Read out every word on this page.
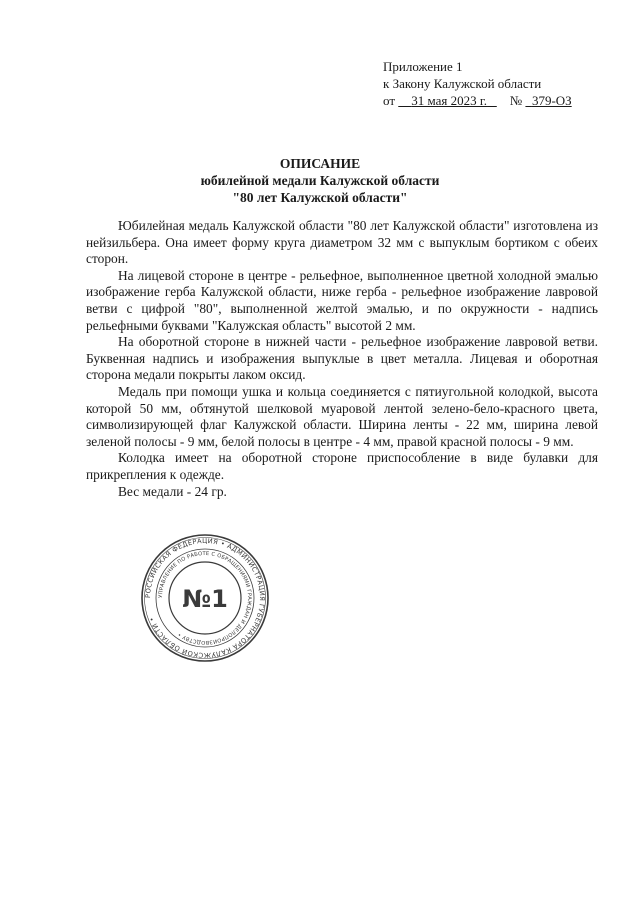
Приложение 1
к Закону Калужской области
от 31 мая 2023 г. № 379-ОЗ
ОПИСАНИЕ
юбилейной медали Калужской области
"80 лет Калужской области"

Юбилейная медаль Калужской области "80 лет Калужской области" изготовлена из нейзильбера. Она имеет форму круга диаметром 32 мм с выпуклым бортиком с обеих сторон.

На лицевой стороне в центре - рельефное, выполненное цветной холодной эмалью изображение герба Калужской области, ниже герба - рельефное изображение лавровой ветви с цифрой "80", выполненной желтой эмалью, и по окружности - надпись рельефными буквами "Калужская область" высотой 2 мм.

На оборотной стороне в нижней части - рельефное изображение лавровой ветви. Буквенная надпись и изображения выпуклые в цвет металла. Лицевая и оборотная сторона медали покрыты лаком оксид.

Медаль при помощи ушка и кольца соединяется с пятиугольной колодкой, высота которой 50 мм, обтянутой шелковой муаровой лентой зелено-бело-красного цвета, символизирующей флаг Калужской области. Ширина ленты - 22 мм, ширина левой зеленой полосы - 9 мм, белой полосы в центре - 4 мм, правой красной полосы - 9 мм.

Колодка имеет на оборотной стороне приспособление в виде булавки для прикрепления к одежде.

Вес медали - 24 гр.

РОССИЙСКАЯ ФЕДЕРАЦИЯ • АДМИНИСТРАЦИЯ ГУБЕРНАТОРА КАЛУЖСКОЙ ОБЛАСТИ •
УПРАВЛЕНИЕ ПО РАБОТЕ С ОБРАЩЕНИЯМИ ГРАЖДАН И ДЕЛОПРОИЗВОДСТВУ •
№1
